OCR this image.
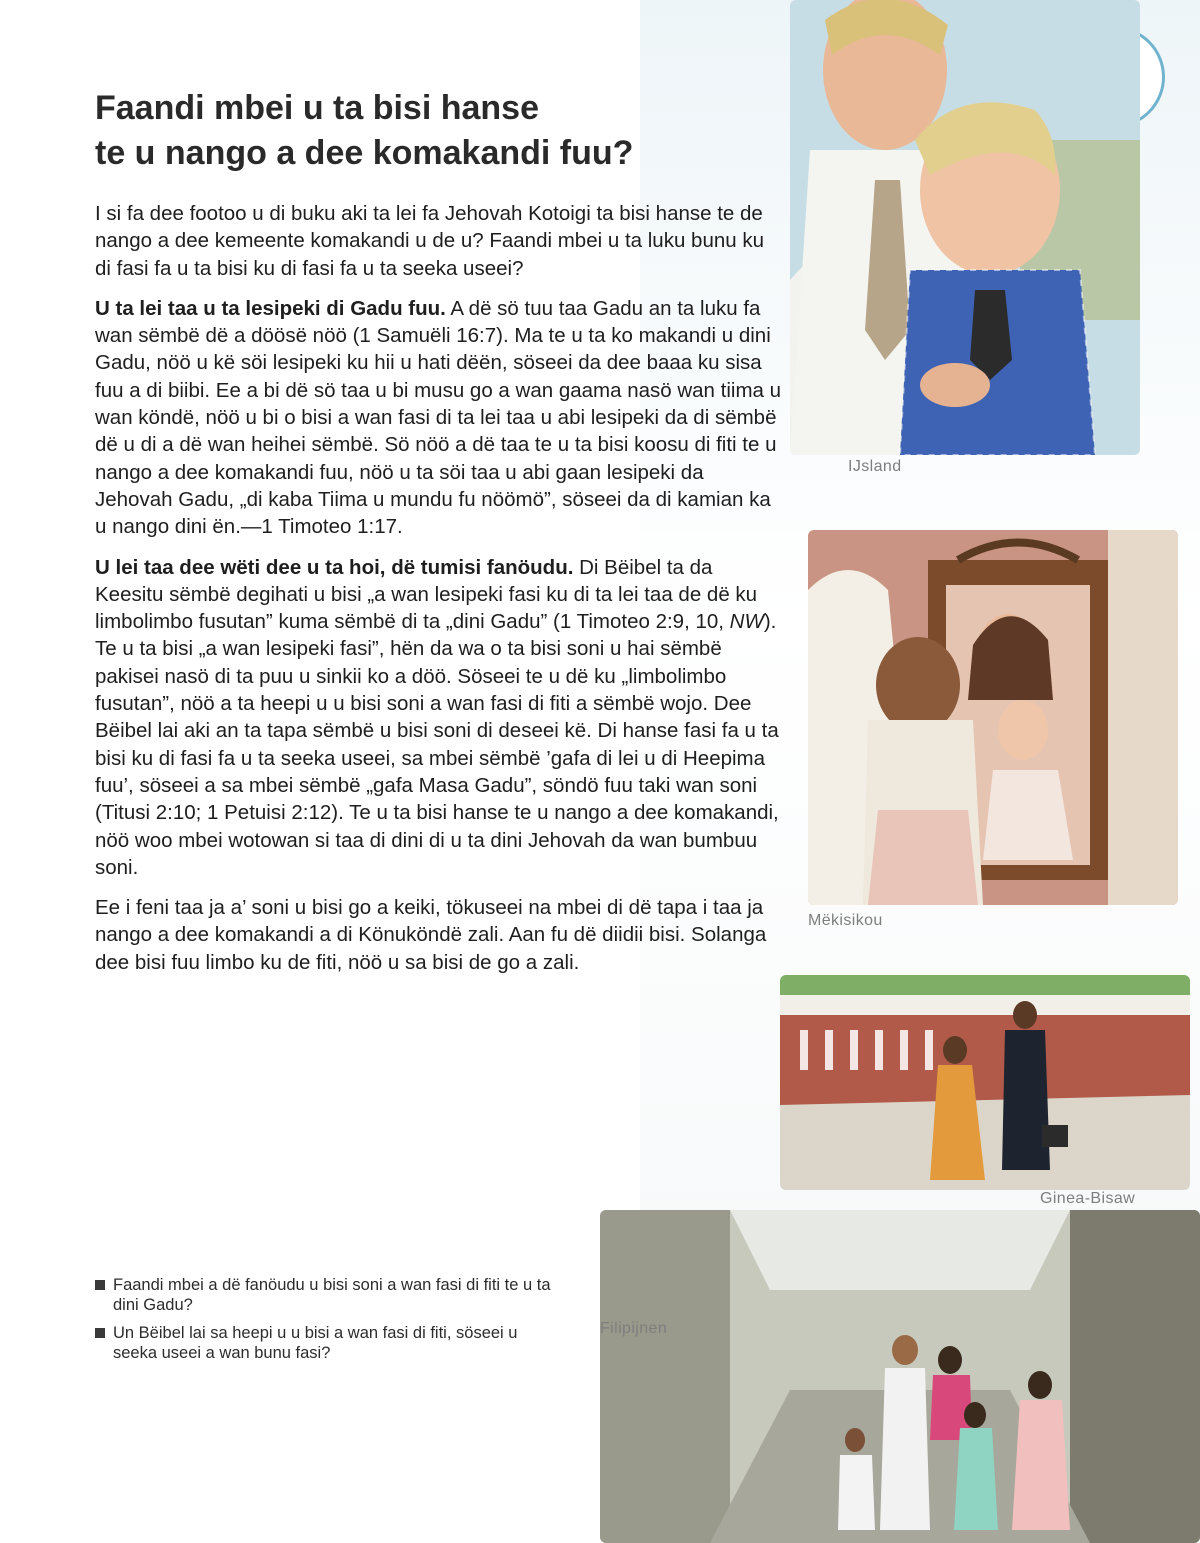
Faandi mbei u ta bisi hanse
te u nango a dee komakandi fuu?

I si fa dee footoo u di buku aki ta lei fa Jehovah Kotoigi ta bisi hanse te de nango a dee kemeente komakandi u de u? Faandi mbei u ta luku bunu ku di fasi fa u ta bisi ku di fasi fa u ta seeka useei?

U ta lei taa u ta lesipeki di Gadu fuu. A dë sö tuu taa Gadu an ta luku fa wan sëmbë dë a döösë nöö (1 Samuëli 16:7). Ma te u ta ko makandi u dini Gadu, nöö u kë söi lesipeki ku hii u hati dëën, söseei da dee baaa ku sisa fuu a di biibi. Ee a bi dë sö taa u bi musu go a wan gaama nasö wan tiima u wan köndë, nöö u bi o bisi a wan fasi di ta lei taa u abi lesipeki da di sëmbë dë u di a dë wan heihei sëmbë. Sö nöö a dë taa te u ta bisi koosu di fiti te u nango a dee komakandi fuu, nöö u ta söi taa u abi gaan lesipeki da Jehovah Gadu, „di kaba Tiima u mundu fu nöömö”, söseei da di kamian ka u nango dini ën.—1 Timoteo 1:17.

U lei taa dee wëti dee u ta hoi, dë tumisi fanöudu. Di Bëibel ta da Keesitu sëmbë degihati u bisi „a wan lesipeki fasi ku di ta lei taa de dë ku limbolimbo fusutan” kuma sëmbë di ta „dini Gadu” (1 Timoteo 2:9, 10, NW). Te u ta bisi „a wan lesipeki fasi”, hën da wa o ta bisi soni u hai sëmbë pakisei nasö di ta puu u sinkii ko a döö. Söseei te u dë ku „limbolimbo fusutan”, nöö a ta heepi u u bisi soni a wan fasi di fiti a sëmbë wojo. Dee Bëibel lai aki an ta tapa sëmbë u bisi soni di deseei kë. Di hanse fasi fa u ta bisi ku di fasi fa u ta seeka useei, sa mbei sëmbë ’gafa di lei u di Heepima fuu’, söseei a sa mbei sëmbë „gafa Masa Gadu”, söndö fuu taki wan soni (Titusi 2:10; 1 Petuisi 2:12). Te u ta bisi hanse te u nango a dee komakandi, nöö woo mbei wotowan si taa di dini di u ta dini Jehovah da wan bumbuu soni.

Ee i feni taa ja a’ soni u bisi go a keiki, tökuseei na mbei di dë tapa i taa ja nango a dee komakandi a di Könuköndë zali. Aan fu dë diidii bisi. Solanga dee bisi fuu limbo ku de fiti, nöö u sa bisi de go a zali.

Faandi mbei a dë fanöudu u bisi soni a wan fasi di fiti te u ta dini Gadu?
Un Bëibel lai sa heepi u u bisi a wan fasi di fiti, söseei u seeka useei a wan bunu fasi?
IJsland
Mëkisikou
Ginea-Bisaw
Filipijnen
